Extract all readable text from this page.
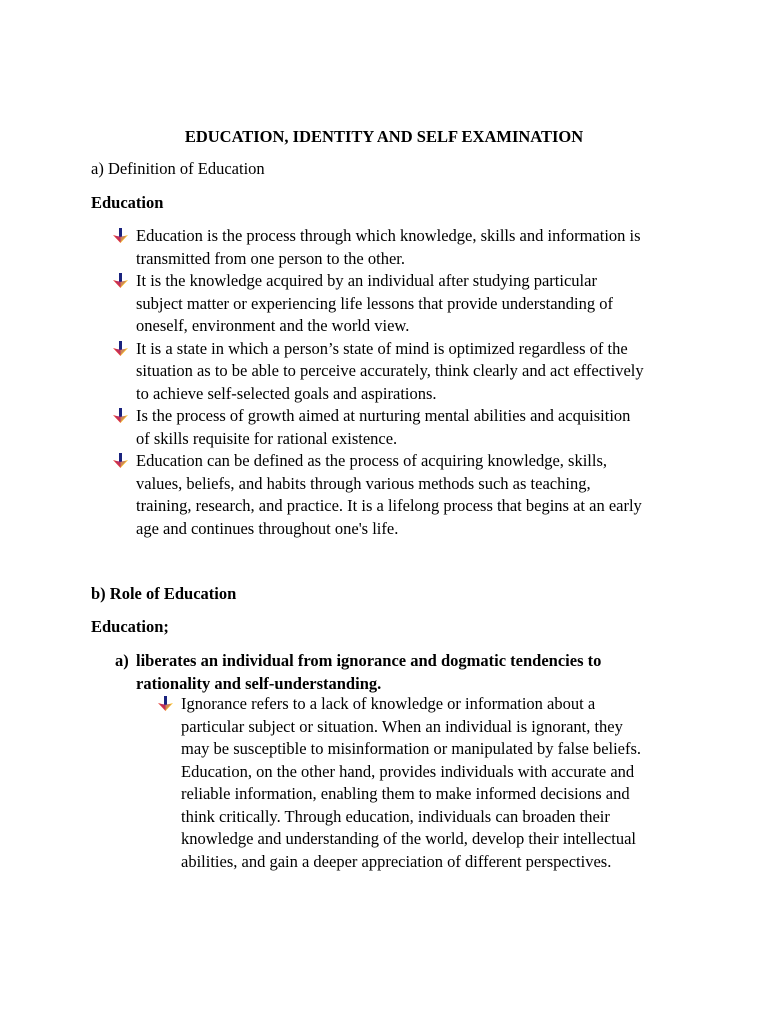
EDUCATION, IDENTITY AND SELF EXAMINATION
a) Definition of Education
Education
Education is the process through which knowledge, skills and information is
transmitted from one person to the other.
It is the knowledge acquired by an individual after studying particular
subject matter or experiencing life lessons that provide understanding of
oneself, environment and the world view.
It is a state in which a person’s state of mind is optimized regardless of the
situation as to be able to perceive accurately, think clearly and act effectively
to achieve self-selected goals and aspirations.
Is the process of growth aimed at nurturing mental abilities and acquisition
of skills requisite for rational existence.
Education can be defined as the process of acquiring knowledge, skills,
values, beliefs, and habits through various methods such as teaching,
training, research, and practice. It is a lifelong process that begins at an early
age and continues throughout one's life.
b) Role of Education
Education;
a) liberates an individual from ignorance and dogmatic tendencies to
rationality and self-understanding.
Ignorance refers to a lack of knowledge or information about a
particular subject or situation. When an individual is ignorant, they
may be susceptible to misinformation or manipulated by false beliefs.
Education, on the other hand, provides individuals with accurate and
reliable information, enabling them to make informed decisions and
think critically. Through education, individuals can broaden their
knowledge and understanding of the world, develop their intellectual
abilities, and gain a deeper appreciation of different perspectives.
